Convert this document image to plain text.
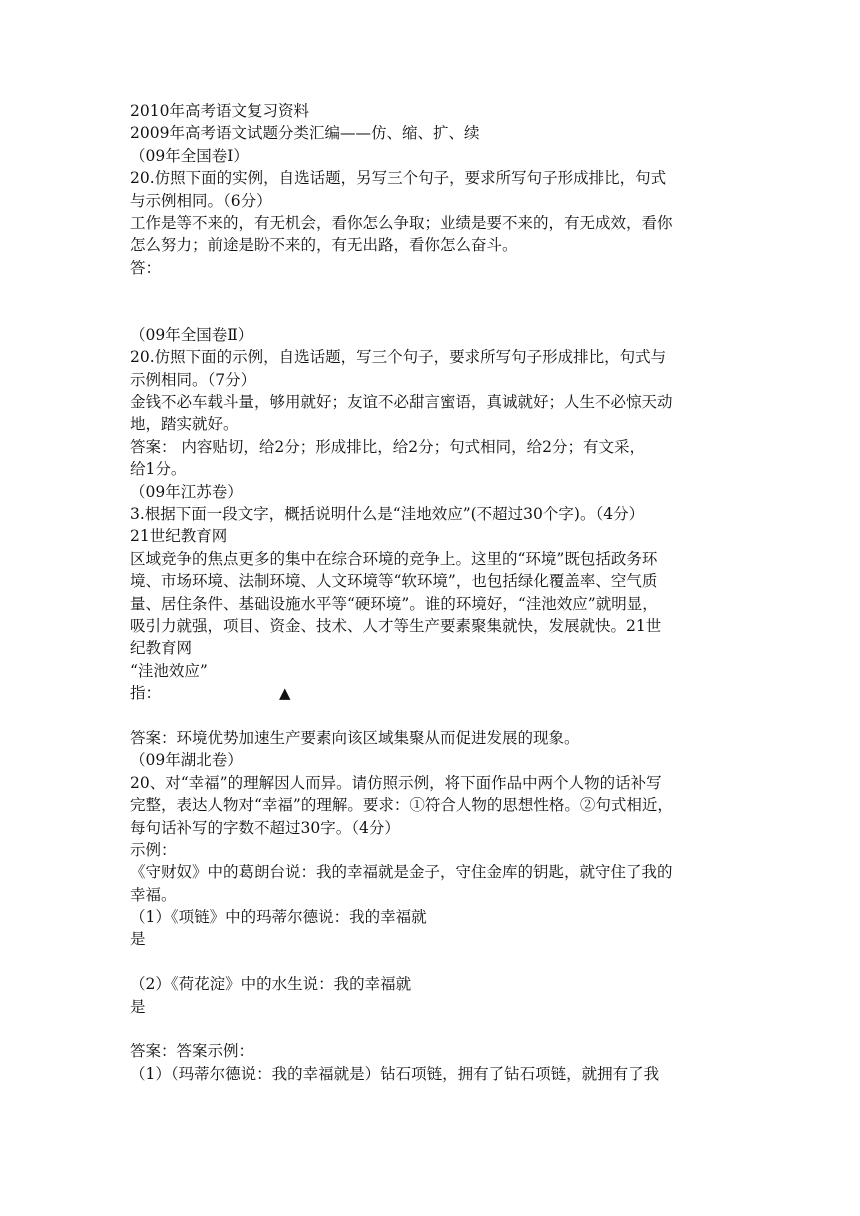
2010年高考语文复习资料
2009年高考语文试题分类汇编——仿、缩、扩、续
（09年全国卷Ⅰ）
20.仿照下面的实例，自选话题，另写三个句子，要求所写句子形成排比，句式
与示例相同。（6分）
工作是等不来的，有无机会，看你怎么争取；业绩是要不来的，有无成效，看你
怎么努力；前途是盼不来的，有无出路，看你怎么奋斗。
答：
（09年全国卷Ⅱ）
20.仿照下面的示例，自选话题，写三个句子，要求所写句子形成排比，句式与
示例相同。（7分）
金钱不必车载斗量，够用就好；友谊不必甜言蜜语，真诚就好；人生不必惊天动
地，踏实就好。
答案： 内容贴切，给2分；形成排比，给2分；句式相同，给2分；有文采，
给1分。
（09年江苏卷）
3.根据下面一段文字，概括说明什么是“洼地效应”(不超过30个字)。（4分）
21世纪教育网
区域竞争的焦点更多的集中在综合环境的竞争上。这里的“环境”既包括政务环
境、市场环境、法制环境、人文环境等“软环境”，也包括绿化覆盖率、空气质
量、居住条件、基础设施水平等“硬环境”。谁的环境好，“洼池效应”就明显，
吸引力就强，项目、资金、技术、人才等生产要素聚集就快，发展就快。21世
纪教育网
“洼池效应”
指：	▲
答案：环境优势加速生产要素向该区域集聚从而促进发展的现象。
（09年湖北卷）
20、对“幸福”的理解因人而异。请仿照示例，将下面作品中两个人物的话补写
完整，表达人物对“幸福”的理解。要求：①符合人物的思想性格。②句式相近，
每句话补写的字数不超过30字。（4分）
示例：
《守财奴》中的葛朗台说：我的幸福就是金子，守住金库的钥匙，就守住了我的
幸福。
（1）《项链》中的玛蒂尔德说：我的幸福就
是
（2）《荷花淀》中的水生说：我的幸福就
是
答案：答案示例：
（1）（玛蒂尔德说：我的幸福就是）钻石项链，拥有了钻石项链，就拥有了我
